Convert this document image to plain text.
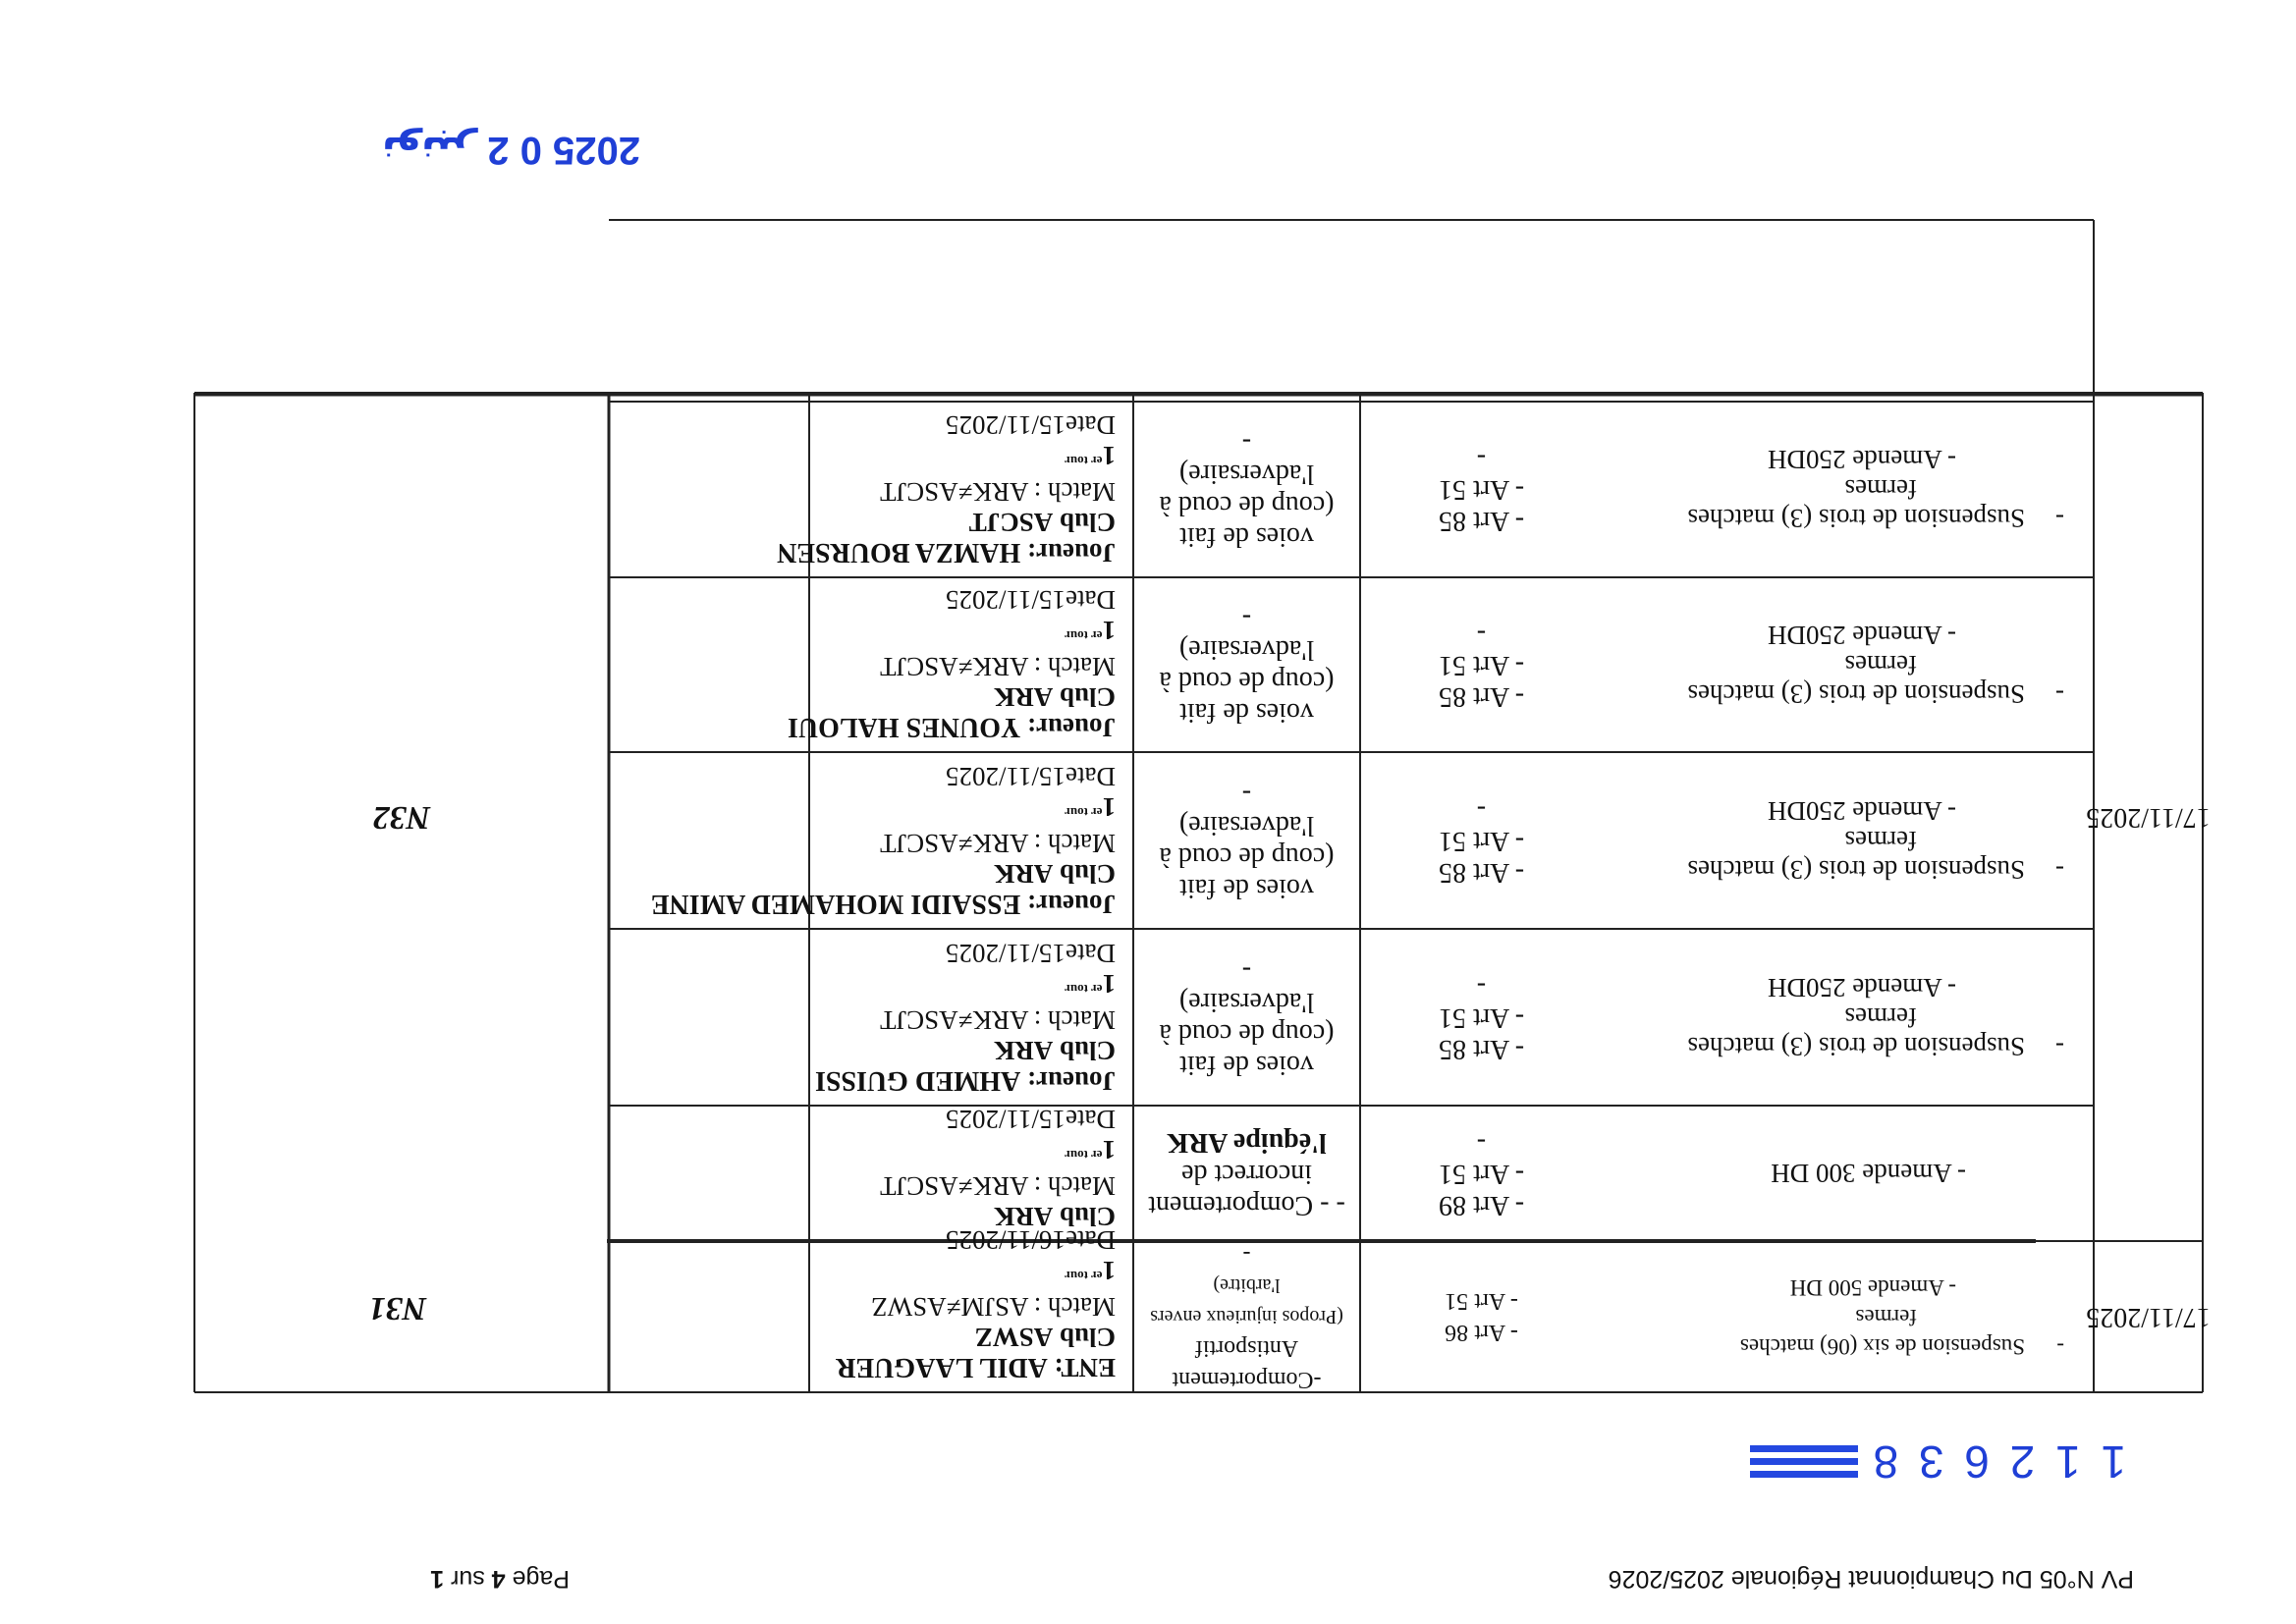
PV N°05 Du Championnat Régionale 2025/2026
Page 4 sur 1
1 1 2 6 3 8
2025 نونبر 2 0
N31
ENT: ADIL LAAGUER
Club ASWZ
Match : ASJM≠ASWZ
$1^{er tour}$
Date16/11/2025
-Comportement Antisportif
(Propos injurieux envers l'arbitre)
-
- Art 86
- Art 51
-
Suspension de six (06) matches
fermes
- Amende 500 DH
17/11/2025
N32	17/11/2025
Club ARK
Match : ARK≠ASCJT
$1^{er tour}$
Date15/11/2025
- - Comportement incorrect de
l'équipe ARK
- Art 89
- Art 51
-
- Amende 300 DH
Joueur: AHMED GUISSI
Club ARK
Match : ARK≠ASCJT
$1^{er tour}$
Date15/11/2025
voies de fait
(coup de coud à l'adversaire)
-
- Art 85
- Art 51
-
-
Suspension de trois (3) matches
fermes
- Amende 250DH
Joueur: ESSAIDI MOHAMED AMINE
Club ARK
Match : ARK≠ASCJT
$1^{er tour}$
Date15/11/2025
voies de fait
(coup de coud à l'adversaire)
-
- Art 85
- Art 51
-
-
Suspension de trois (3) matches
fermes
- Amende 250DH
Joueur: YOUNES HALOUI
Club ARK
Match : ARK≠ASCJT
$1^{er tour}$
Date15/11/2025
voies de fait
(coup de coud à l'adversaire)
-
- Art 85
- Art 51
-
-
Suspension de trois (3) matches
fermes
- Amende 250DH
Joueur: HAMZA BOURSEN
Club ASCJT
Match : ARK≠ASCJT
$1^{er tour}$
Date15/11/2025
voies de fait
(coup de coud à l'adversaire)
-
- Art 85
- Art 51
-
-
Suspension de trois (3) matches
fermes
- Amende 250DH
